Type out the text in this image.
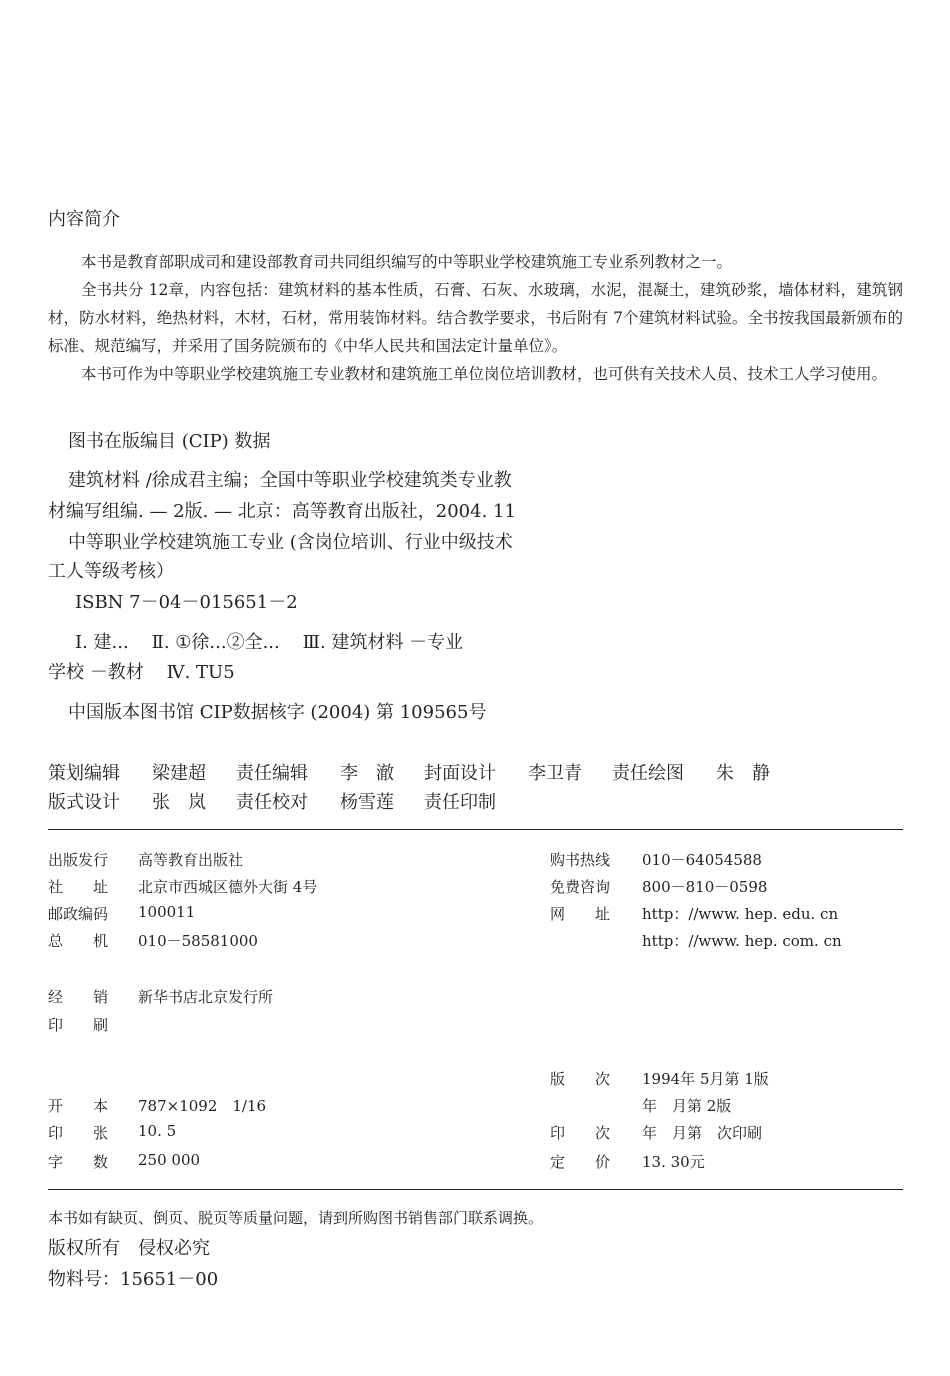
内容简介
本书是教育部职成司和建设部教育司共同组织编写的中等职业学校建筑施工专业系列教材之一。
全书共分 12章，内容包括：建筑材料的基本性质，石膏、石灰、水玻璃，水泥，混凝土，建筑砂浆，墙体材料，建筑钢材，防水材料，绝热材料，木材，石材，常用装饰材料。结合教学要求，书后附有 7个建筑材料试验。全书按我国最新颁布的标准、规范编写，并采用了国务院颁布的《中华人民共和国法定计量单位》。
本书可作为中等职业学校建筑施工专业教材和建筑施工单位岗位培训教材，也可供有关技术人员、技术工人学习使用。
图书在版编目 (CIP) 数据
建筑材料 /徐成君主编；全国中等职业学校建筑类专业教
材编写组编. — 2版. — 北京：高等教育出版社，2004. 11
中等职业学校建筑施工专业 (含岗位培训、行业中级技术
工人等级考核）
ISBN 7－04－015651－2
Ⅰ. 建...    Ⅱ. ①徐...②全...    Ⅲ. 建筑材料 －专业
学校 －教材    Ⅳ. TU5
中国版本图书馆 CIP数据核字 (2004) 第 109565号
策划编辑 梁建超 责任编辑 李　澈 封面设计 李卫青 责任绘图 朱　静
版式设计 张　岚 责任校对 杨雪莲 责任印制
出版发行 高等教育出版社
社　　址 北京市西城区德外大街 4号
邮政编码 100011
总　　机 010－58581000
经　　销 新华书店北京发行所
印　　刷
购书热线 010－64054588
免费咨询 800－810－0598
网　　址 http：//www. hep. edu. cn
http：//www. hep. com. cn
版　　次 1994年 5月第 1版
年　月第 2版
开　　本 787×1092　1/16
印　　张 10. 5	印　　次 年　月第　次印刷
字　　数 250 000	定　　价 13. 30元
本书如有缺页、倒页、脱页等质量问题，请到所购图书销售部门联系调换。
版权所有　侵权必究
物料号：15651－00
